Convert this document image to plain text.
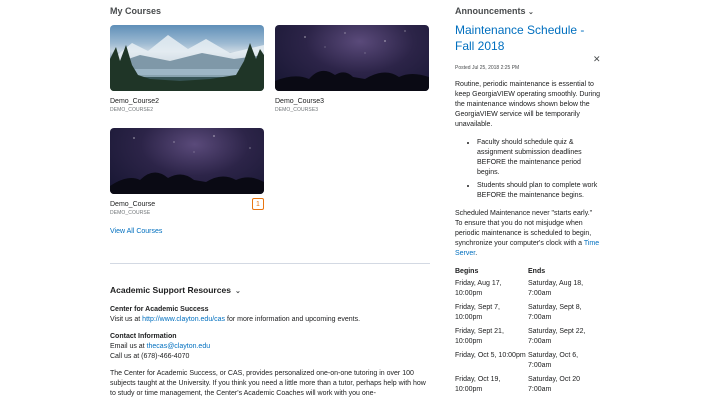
My Courses
Demo_Course2
DEMO_COURSE2
Demo_Course3
DEMO_COURSE3
Demo_Course
DEMO_COURSE
1
View All Courses
Academic Support Resources ⌄
Center for Academic Success

Visit us at http://www.clayton.edu/cas for more information and upcoming events.

Contact Information
Email us at thecas@clayton.edu

Call us at (678)-466-4070

The Center for Academic Success, or CAS, provides personalized one-on-one tutoring in over 100 subjects taught at the University. If you think you need a little more than a tutor, perhaps help with how to study or time management, the Center's Academic Coaches will work with you one-

Announcements ⌄
Maintenance Schedule - Fall 2018
✕
Posted Jul 25, 2018 2:25 PM

Routine, periodic maintenance is essential to keep GeorgiaVIEW operating smoothly. During the maintenance windows shown below the GeorgiaVIEW service will be temporarily unavailable.

• Faculty should schedule quiz & assignment submission deadlines BEFORE the maintenance period begins.
• Students should plan to complete work BEFORE the maintenance begins.

Scheduled Maintenance never "starts early." To ensure that you do not misjudge when periodic maintenance is scheduled to begin, synchronize your computer's clock with a Time Server.

Begins	Ends
Friday, Aug 17, 10:00pm	Saturday, Aug 18, 7:00am
Friday, Sept 7, 10:00pm	Saturday, Sept 8, 7:00am
Friday, Sept 21, 10:00pm	Saturday, Sept 22, 7:00am
Friday, Oct 5, 10:00pm	Saturday, Oct 6, 7:00am
Friday, Oct 19, 10:00pm	Saturday, Oct 20 7:00am
